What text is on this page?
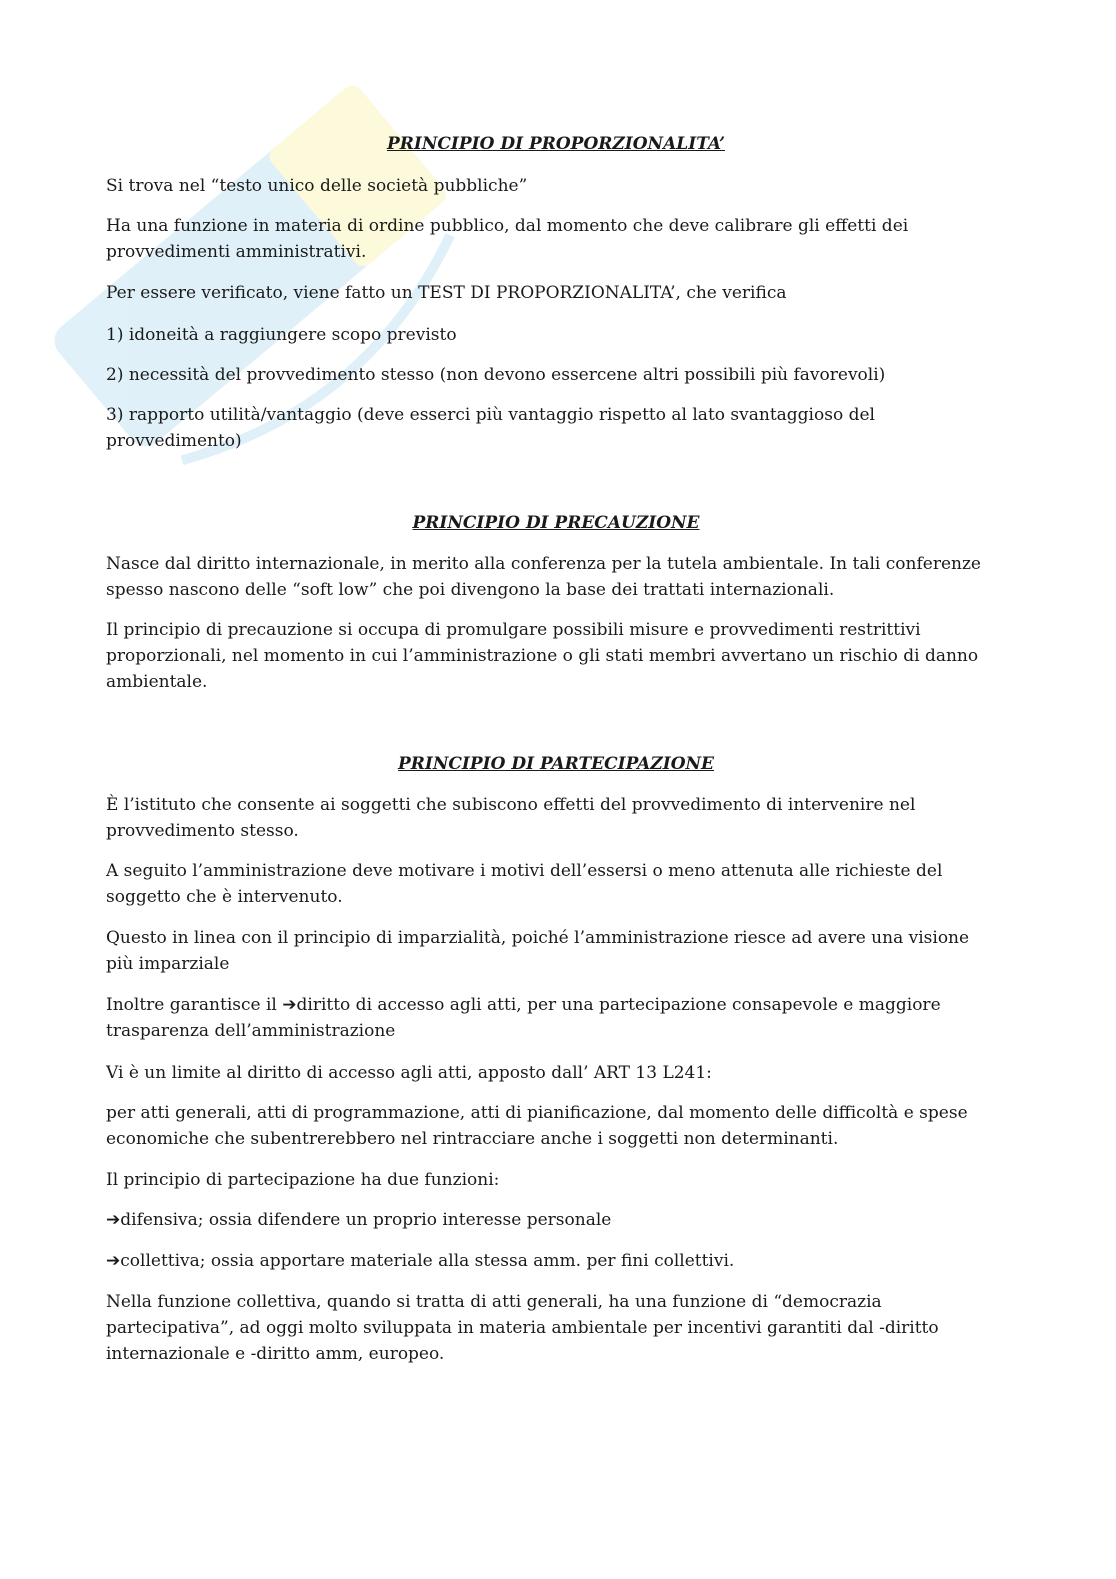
PRINCIPIO DI PROPORZIONALITA’

Si trova nel “testo unico delle società pubbliche”

Ha una funzione in materia di ordine pubblico, dal momento che deve calibrare gli effetti dei
provvedimenti amministrativi.

Per essere verificato, viene fatto un TEST DI PROPORZIONALITA’, che verifica

1) idoneità a raggiungere scopo previsto

2) necessità del provvedimento stesso (non devono essercene altri possibili più favorevoli)

3) rapporto utilità/vantaggio (deve esserci più vantaggio rispetto al lato svantaggioso del
provvedimento)

PRINCIPIO DI PRECAUZIONE

Nasce dal diritto internazionale, in merito alla conferenza per la tutela ambientale. In tali conferenze
spesso nascono delle “soft low” che poi divengono la base dei trattati internazionali.

Il principio di precauzione si occupa di promulgare possibili misure e provvedimenti restrittivi
proporzionali, nel momento in cui l’amministrazione o gli stati membri avvertano un rischio di danno
ambientale.

PRINCIPIO DI PARTECIPAZIONE

È l’istituto che consente ai soggetti che subiscono effetti del provvedimento di intervenire nel
provvedimento stesso.

A seguito l’amministrazione deve motivare i motivi dell’essersi o meno attenuta alle richieste del
soggetto che è intervenuto.

Questo in linea con il principio di imparzialità, poiché l’amministrazione riesce ad avere una visione
più imparziale

Inoltre garantisce il ➔diritto di accesso agli atti, per una partecipazione consapevole e maggiore
trasparenza dell’amministrazione

Vi è un limite al diritto di accesso agli atti, apposto dall’ ART 13 L241:

per atti generali, atti di programmazione, atti di pianificazione, dal momento delle difficoltà e spese
economiche che subentrerebbero nel rintracciare anche i soggetti non determinanti.

Il principio di partecipazione ha due funzioni:

➔difensiva; ossia difendere un proprio interesse personale

➔collettiva; ossia apportare materiale alla stessa amm. per fini collettivi.

Nella funzione collettiva, quando si tratta di atti generali, ha una funzione di “democrazia
partecipativa”, ad oggi molto sviluppata in materia ambientale per incentivi garantiti dal -diritto
internazionale e -diritto amm, europeo.
